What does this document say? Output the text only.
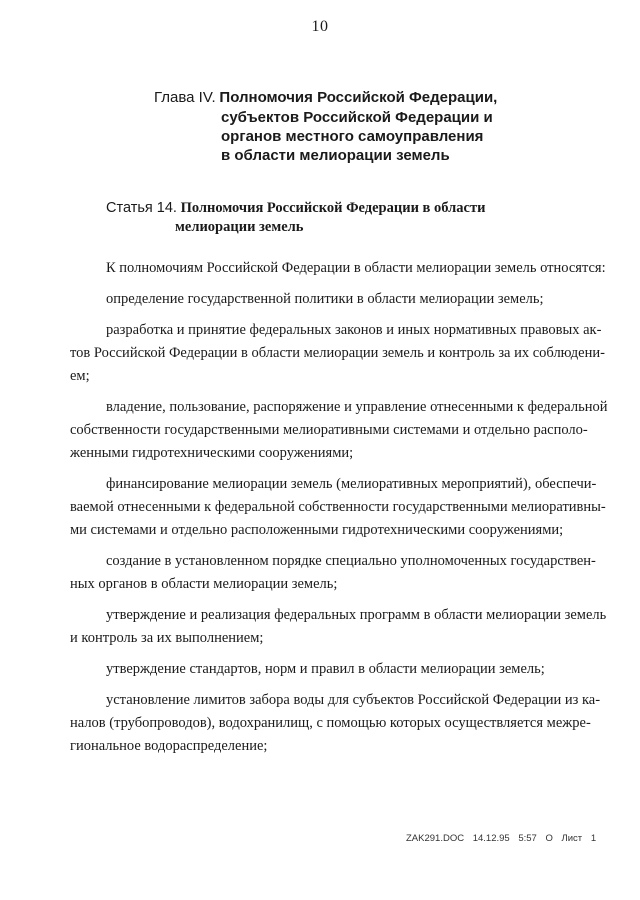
10
Глава IV. Полномочия Российской Федерации,
субъектов Российской Федерации и
органов местного самоуправления
в области мелиорации земель
Статья 14. Полномочия Российской Федерации в области
мелиорации земель
К полномочиям Российской Федерации в области мелиорации земель относятся:
определение государственной политики в области мелиорации земель;
разработка и принятие федеральных законов и иных нормативных правовых ак-
тов Российской Федерации в области мелиорации земель и контроль за их соблюдени-
ем;
владение, пользование, распоряжение и управление отнесенными к федеральной
собственности государственными мелиоративными системами и отдельно располо-
женными гидротехническими сооружениями;
финансирование мелиорации земель (мелиоративных мероприятий), обеспечи-
ваемой отнесенными к федеральной собственности государственными мелиоративны-
ми системами и отдельно расположенными гидротехническими сооружениями;
создание в установленном порядке специально уполномоченных государствен-
ных органов в области мелиорации земель;
утверждение и реализация федеральных программ в области мелиорации земель
и контроль за их выполнением;
утверждение стандартов, норм и правил в области мелиорации земель;
установление лимитов забора воды для субъектов Российской Федерации из ка-
налов (трубопроводов), водохранилищ, с помощью которых осуществляется межре-
гиональное водораспределение;
ZAK291.DOC 14.12.95 5:57 О Лист 1
